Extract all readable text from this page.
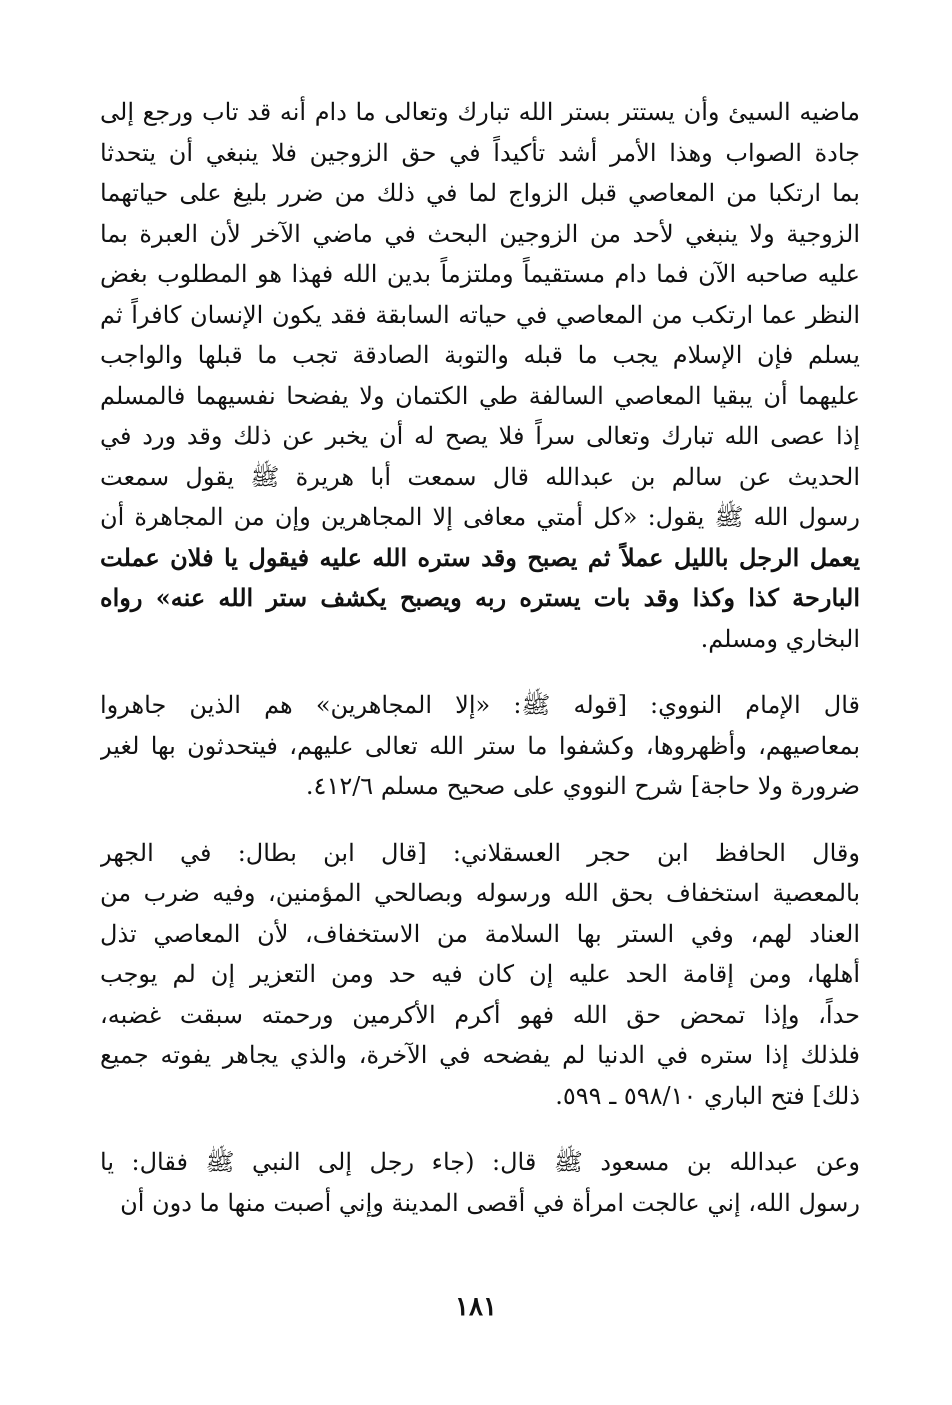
ماضيه السيئ وأن يستتر بستر الله تبارك وتعالى ما دام أنه قد تاب ورجع إلى
جادة الصواب وهذا الأمر أشد تأكيداً في حق الزوجين فلا ينبغي أن يتحدثا
بما ارتكبا من المعاصي قبل الزواج لما في ذلك من ضرر بليغ على حياتهما
الزوجية ولا ينبغي لأحد من الزوجين البحث في ماضي الآخر لأن العبرة بما
عليه صاحبه الآن فما دام مستقيماً وملتزماً بدين الله فهذا هو المطلوب بغض
النظر عما ارتكب من المعاصي في حياته السابقة فقد يكون الإنسان كافراً ثم
يسلم فإن الإسلام يجب ما قبله والتوبة الصادقة تجب ما قبلها والواجب
عليهما أن يبقيا المعاصي السالفة طي الكتمان ولا يفضحا نفسيهما فالمسلم
إذا عصى الله تبارك وتعالى سراً فلا يصح له أن يخبر عن ذلك وقد ورد في
الحديث عن سالم بن عبدالله قال سمعت أبا هريرة ﷺ يقول سمعت
رسول الله ﷺ يقول: «كل أمتي معافى إلا المجاهرين وإن من المجاهرة أن
يعمل الرجل بالليل عملاً ثم يصبح وقد ستره الله عليه فيقول يا فلان عملت
البارحة كذا وكذا وقد بات يستره ربه ويصبح يكشف ستر الله عنه» رواه
البخاري ومسلم.

قال الإمام النووي: [قوله ﷺ: «إلا المجاهرين» هم الذين جاهروا
بمعاصيهم، وأظهروها، وكشفوا ما ستر الله تعالى عليهم، فيتحدثون بها لغير
ضرورة ولا حاجة] شرح النووي على صحيح مسلم ٤١٢/٦.

وقال الحافظ ابن حجر العسقلاني: [قال ابن بطال: في الجهر
بالمعصية استخفاف بحق الله ورسوله وبصالحي المؤمنين، وفيه ضرب من
العناد لهم، وفي الستر بها السلامة من الاستخفاف، لأن المعاصي تذل
أهلها، ومن إقامة الحد عليه إن كان فيه حد ومن التعزير إن لم يوجب
حداً، وإذا تمحض حق الله فهو أكرم الأكرمين ورحمته سبقت غضبه،
فلذلك إذا ستره في الدنيا لم يفضحه في الآخرة، والذي يجاهر يفوته جميع
ذلك] فتح الباري ٥٩٨/١٠ ـ ٥٩٩.

وعن عبدالله بن مسعود ﷺ قال: (جاء رجل إلى النبي ﷺ فقال: يا
رسول الله، إني عالجت امرأة في أقصى المدينة وإني أصبت منها ما دون أن

١٨١
